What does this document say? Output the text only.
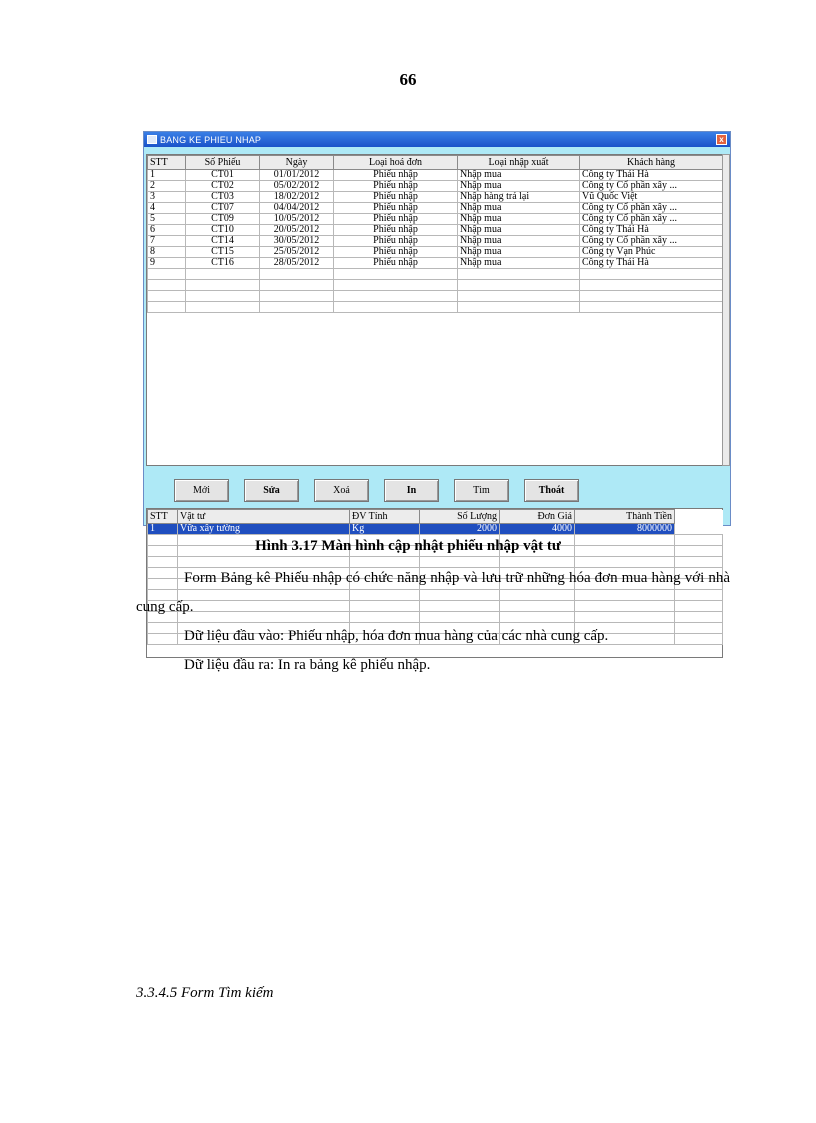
66
BANG KE PHIEU NHAP	x
STT	Số Phiếu	Ngày	Loại hoá đơn	Loại nhập xuất	Khách hàng
1	CT01	01/01/2012	Phiếu nhập	Nhập mua	Công ty Thái Hà
2	CT02	05/02/2012	Phiếu nhập	Nhập mua	Công ty Cổ phần xây ...
3	CT03	18/02/2012	Phiếu nhập	Nhập hàng trả lại	Vũ Quốc Việt
4	CT07	04/04/2012	Phiếu nhập	Nhập mua	Công ty Cổ phần xây ...
5	CT09	10/05/2012	Phiếu nhập	Nhập mua	Công ty Cổ phần xây ...
6	CT10	20/05/2012	Phiếu nhập	Nhập mua	Công ty Thái Hà
7	CT14	30/05/2012	Phiếu nhập	Nhập mua	Công ty Cổ phần xây ...
8	CT15	25/05/2012	Phiếu nhập	Nhập mua	Công ty Vạn Phúc
9	CT16	28/05/2012	Phiếu nhập	Nhập mua	Công ty Thái Hà

Mới	Sửa	Xoá	In	Tìm	Thoát
STT	Vật tư	ĐV Tính	Số Lượng	Đơn Giá	Thành Tiền	
1	Vữa xây tường	Kg	2000	4000	8000000	

Hình 3.17 Màn hình cập nhật phiếu nhập vật tư
Form Bảng kê Phiếu nhập có chức năng nhập và lưu trữ những hóa đơn mua hàng với nhà cung cấp.
Dữ liệu đầu vào: Phiếu nhập, hóa đơn mua hàng của các nhà cung cấp.
Dữ liệu đầu ra: In ra bảng kê phiếu nhập.
3.3.4.5 Form Tìm kiếm
